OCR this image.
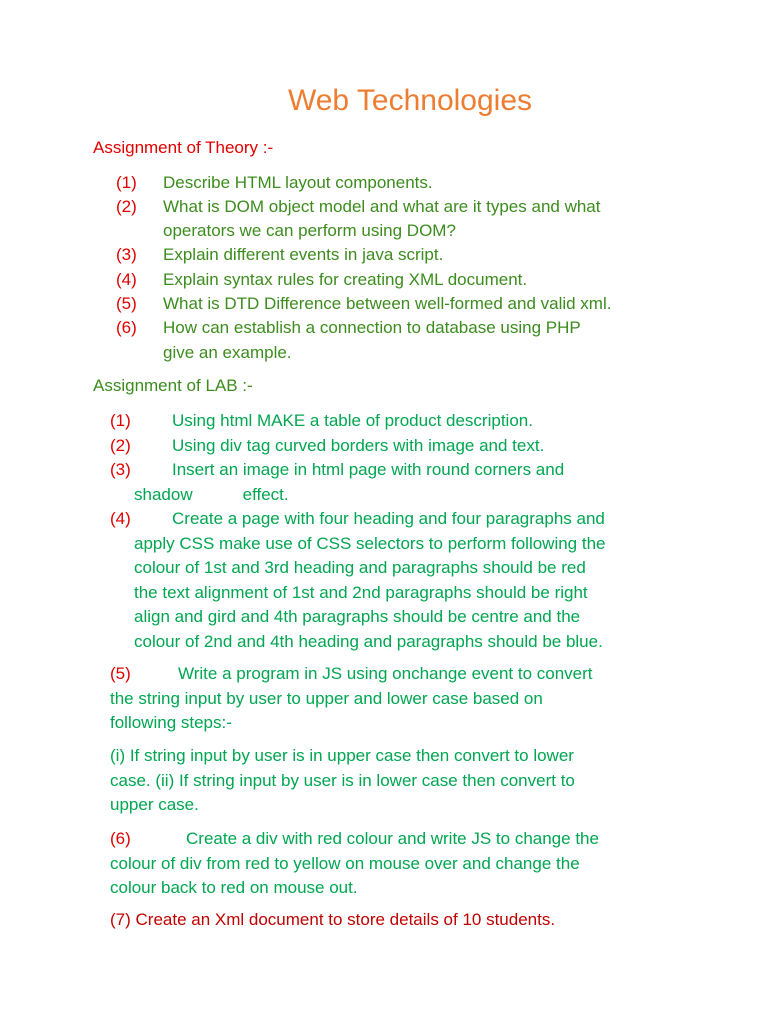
Web Technologies

Assignment of Theory :-

(1) Describe HTML layout components.
(2) What is DOM object model and what are it types and what
operators we can perform using DOM?
(3) Explain different events in java script.
(4) Explain syntax rules for creating XML document.
(5) What is DTD Difference between well-formed and valid xml.
(6) How can establish a connection to database using PHP
give an example.

Assignment of LAB :-

(1) Using html MAKE a table of product description.
(2) Using div tag curved borders with image and text.
(3) Insert an image in html page with round corners and
shadow	effect.
(4) Create a page with four heading and four paragraphs and
apply CSS make use of CSS selectors to perform following the
colour of 1st and 3rd heading and paragraphs should be red
the text alignment of 1st and 2nd paragraphs should be right
align and gird and 4th paragraphs should be centre and the
colour of 2nd and 4th heading and paragraphs should be blue.
(5)	Write a program in JS using onchange event to convert
the string input by user to upper and lower case based on
following steps:-
(i) If string input by user is in upper case then convert to lower
case. (ii) If string input by user is in lower case then convert to
upper case.
(6)	Create a div with red colour and write JS to change the
colour of div from red to yellow on mouse over and change the
colour back to red on mouse out.
(7) Create an Xml document to store details of 10 students.
